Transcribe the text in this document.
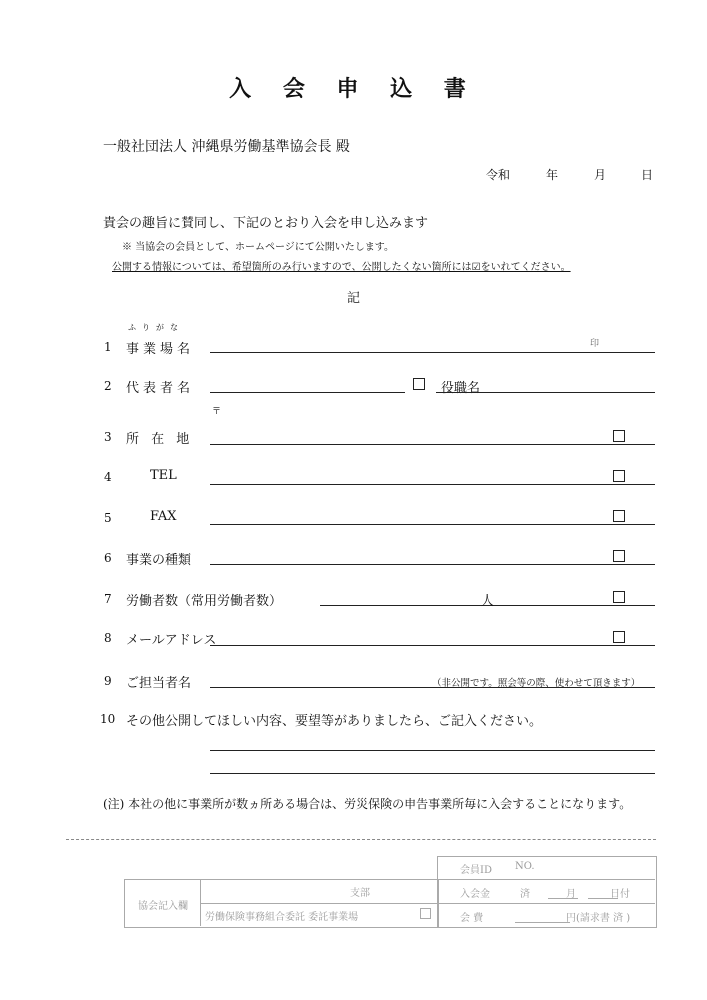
入 会 申 込 書
一般社団法人 沖縄県労働基準協会長 殿
令和	年	月	日
貴会の趣旨に賛同し、下記のとおり入会を申し込みます
※ 当協会の会員として、ホームページにて公開いたします。
公開する情報については、希望箇所のみ行いますので、公開したくない箇所には☑をいれてください。
記
ふりがな
1 事業場名	印
2 代表者名	役職名
〒
3 所 在 地
4	TEL
5	FAX
6 事業の種類
7 労働者数（常用労働者数）	人
8 メールアドレス
9 ご担当者名	（非公開です。照会等の際、使わせて頂きます）
10 その他公開してほしい内容、要望等がありましたら、ご記入ください。
(注) 本社の他に事業所が数ヵ所ある場合は、労災保険の申告事業所毎に入会することになります。
協会記入欄
支部
労働保険事務組合委託 委託事業場
会員ID NO.
入会金	済	月	日付
会 費	円(請求書 済 )
